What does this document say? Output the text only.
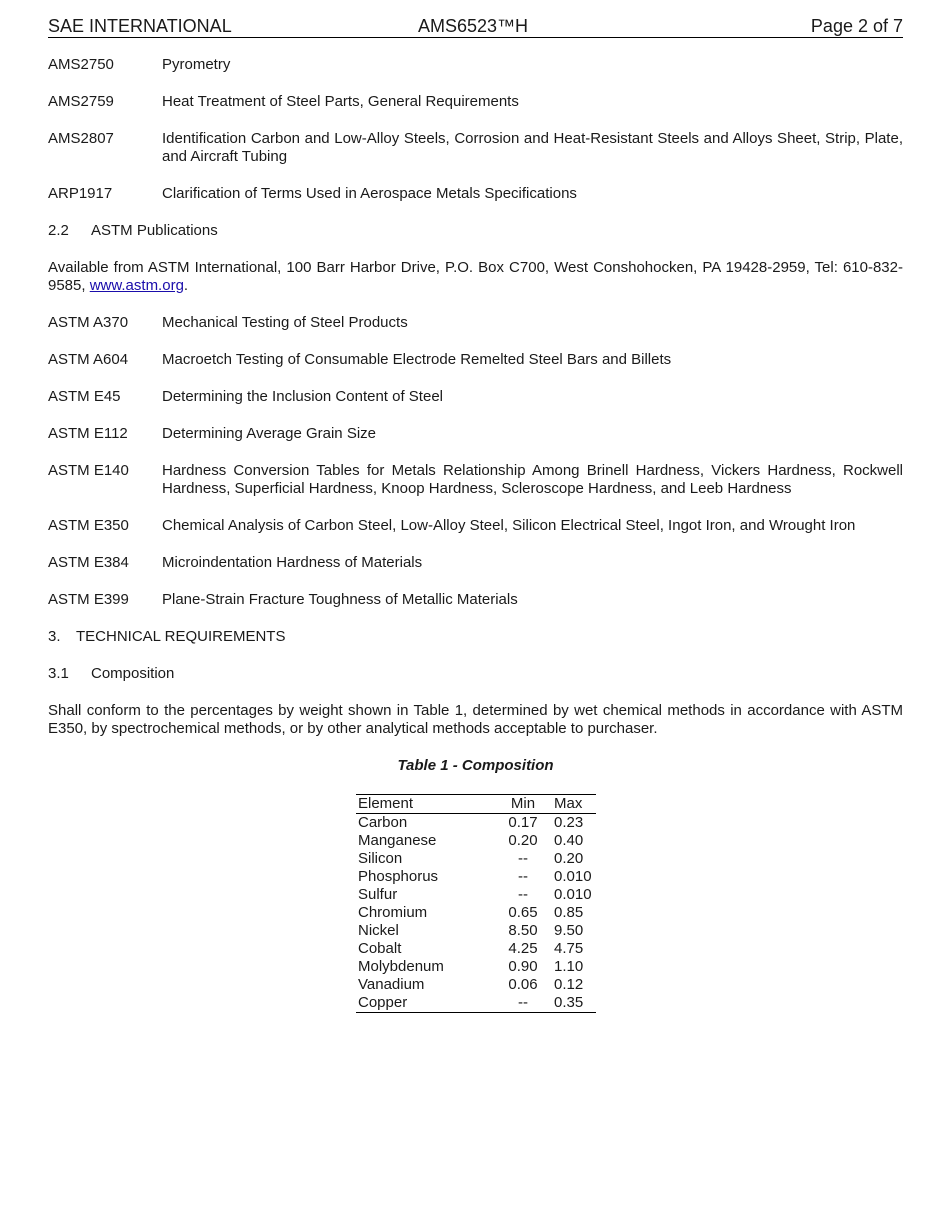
SAE INTERNATIONAL	AMS6523™H	Page 2 of 7
AMS2750	Pyrometry
AMS2759	Heat Treatment of Steel Parts, General Requirements
AMS2807	Identification Carbon and Low-Alloy Steels, Corrosion and Heat-Resistant Steels and Alloys Sheet, Strip, Plate, and Aircraft Tubing
ARP1917	Clarification of Terms Used in Aerospace Metals Specifications
2.2 ASTM Publications

Available from ASTM International, 100 Barr Harbor Drive, P.O. Box C700, West Conshohocken, PA 19428-2959, Tel: 610-832-9585, www.astm.org.

ASTM A370	Mechanical Testing of Steel Products
ASTM A604	Macroetch Testing of Consumable Electrode Remelted Steel Bars and Billets
ASTM E45	Determining the Inclusion Content of Steel
ASTM E112	Determining Average Grain Size
ASTM E140	Hardness Conversion Tables for Metals Relationship Among Brinell Hardness, Vickers Hardness, Rockwell Hardness, Superficial Hardness, Knoop Hardness, Scleroscope Hardness, and Leeb Hardness
ASTM E350	Chemical Analysis of Carbon Steel, Low-Alloy Steel, Silicon Electrical Steel, Ingot Iron, and Wrought Iron
ASTM E384	Microindentation Hardness of Materials
ASTM E399	Plane-Strain Fracture Toughness of Metallic Materials
3. TECHNICAL REQUIREMENTS
3.1 Composition

Shall conform to the percentages by weight shown in Table 1, determined by wet chemical methods in accordance with ASTM E350, by spectrochemical methods, or by other analytical methods acceptable to purchaser.

Table 1 - Composition
Element	Min	Max
Carbon	0.17	0.23
Manganese	0.20	0.40
Silicon	--	0.20
Phosphorus	--	0.010
Sulfur	--	0.010
Chromium	0.65	0.85
Nickel	8.50	9.50
Cobalt	4.25	4.75
Molybdenum	0.90	1.10
Vanadium	0.06	0.12
Copper	--	0.35
